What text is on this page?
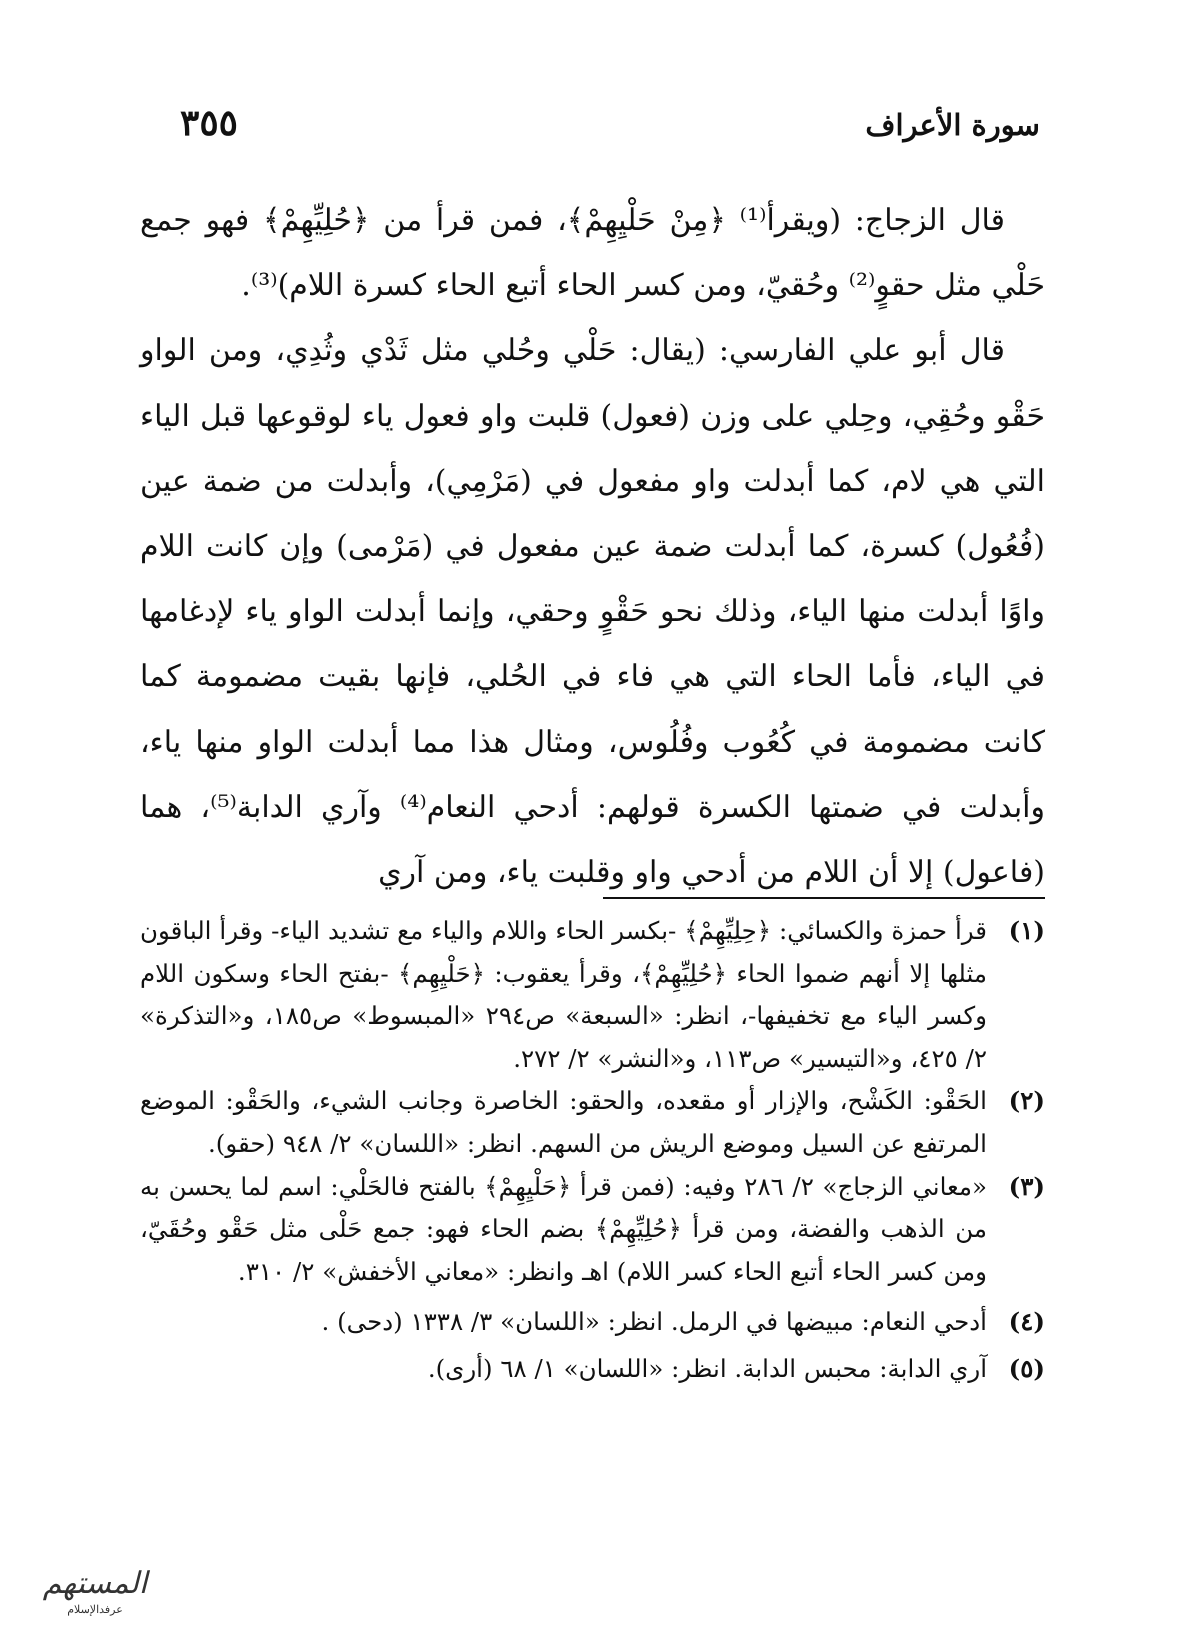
سورة الأعراف
٣٥٥

قال الزجاج: (ويقرأ⁽¹⁾ ﴿مِنْ حَلْيِهِمْ﴾، فمن قرأ من ﴿حُلِيِّهِمْ﴾ فهو جمع حَلْي مثل حقوٍ⁽²⁾ وحُقيّ، ومن كسر الحاء أتبع الحاء كسرة اللام)⁽³⁾.

قال أبو علي الفارسي: (يقال: حَلْي وحُلي مثل ثَدْي وثُدِي، ومن الواو حَقْو وحُقِي، وحِلي على وزن (فعول) قلبت واو فعول ياء لوقوعها قبل الياء التي هي لام، كما أبدلت واو مفعول في (مَرْمِي)، وأبدلت من ضمة عين (فُعُول) كسرة، كما أبدلت ضمة عين مفعول في (مَرْمى) وإن كانت اللام واوًا أبدلت منها الياء، وذلك نحو حَقْوٍ وحقي، وإنما أبدلت الواو ياء لإدغامها في الياء، فأما الحاء التي هي فاء في الحُلي، فإنها بقيت مضمومة كما كانت مضمومة في كُعُوب وفُلُوس، ومثال هذا مما أبدلت الواو منها ياء، وأبدلت في ضمتها الكسرة قولهم: أدحي النعام⁽⁴⁾ وآري الدابة⁽⁵⁾، هما (فاعول) إلا أن اللام من أدحي واو وقلبت ياء، ومن آري

(١)
قرأ حمزة والكسائي: ﴿حِلِيِّهِمْ﴾ -بكسر الحاء واللام والياء مع تشديد الياء- وقرأ الباقون مثلها إلا أنهم ضموا الحاء ﴿حُلِيِّهِمْ﴾، وقرأ يعقوب: ﴿حَلْيِهِم﴾ -بفتح الحاء وسكون اللام وكسر الياء مع تخفيفها-، انظر: «السبعة» ص٢٩٤ «المبسوط» ص١٨٥، و«التذكرة» ٢/ ٤٢٥، و«التيسير» ص١١٣، و«النشر» ٢/ ٢٧٢.
(٢)
الحَقْو: الكَشْح، والإزار أو مقعده، والحقو: الخاصرة وجانب الشيء، والحَقْو: الموضع المرتفع عن السيل وموضع الريش من السهم. انظر: «اللسان» ٢/ ٩٤٨ (حقو).
(٣)
«معاني الزجاج» ٢/ ٢٨٦ وفيه: (فمن قرأ ﴿حَلْيِهِمْ﴾ بالفتح فالحَلْي: اسم لما يحسن به من الذهب والفضة، ومن قرأ ﴿حُلِيِّهِمْ﴾ بضم الحاء فهو: جمع حَلْى مثل حَقْو وحُقَيّ، ومن كسر الحاء أتبع الحاء كسر اللام) اهـ وانظر: «معاني الأخفش» ٢/ ٣١٠.
(٤)
أدحي النعام: مبيضها في الرمل. انظر: «اللسان» ٣/ ١٣٣٨ (دحى) .
(٥)
آري الدابة: محبس الدابة. انظر: «اللسان» ١/ ٦٨ (أرى).
المستهم
عرفدالإسلام
